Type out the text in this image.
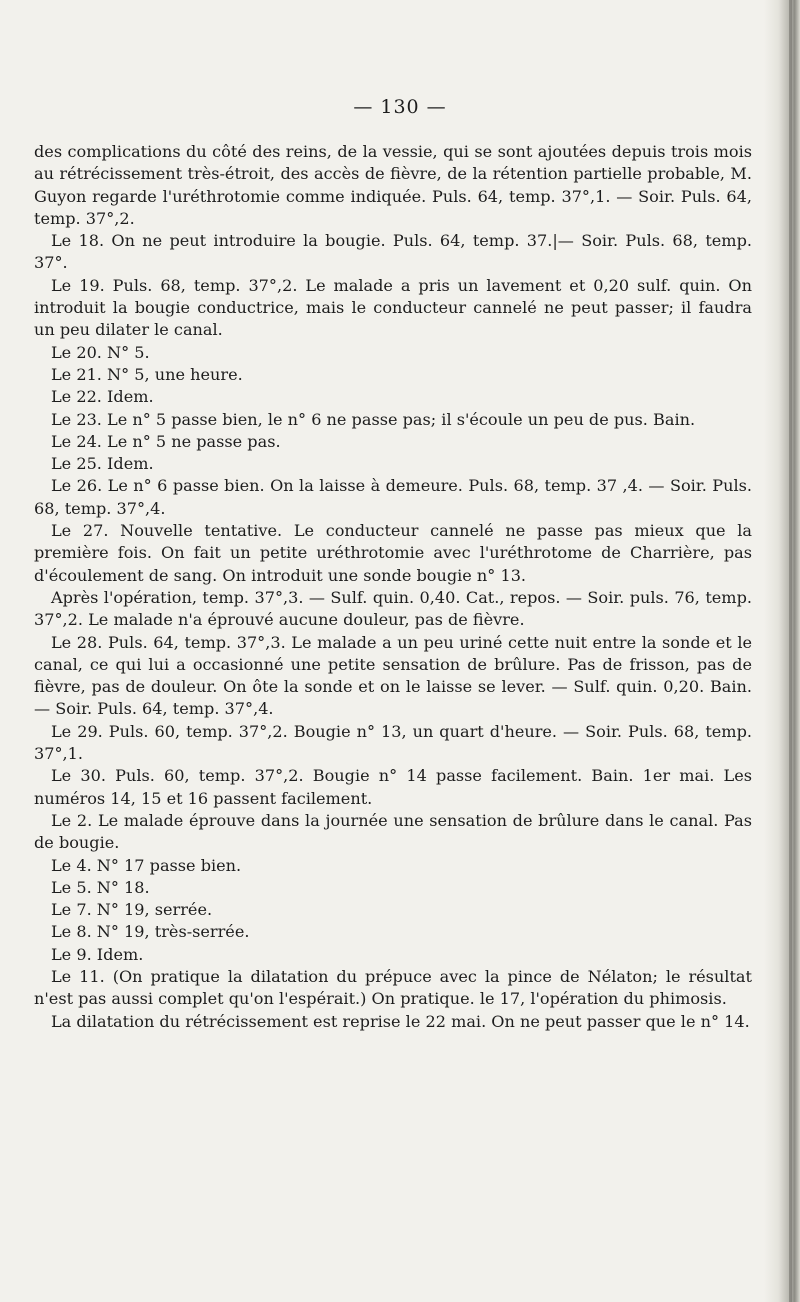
— 130 —

des complications du côté des reins, de la vessie, qui se sont ajoutées depuis trois mois au rétrécissement très-étroit, des accès de fièvre, de la rétention partielle probable, M. Guyon regarde l'uréthrotomie comme indiquée. Puls. 64, temp. 37°,1. — Soir. Puls. 64, temp. 37°,2.

Le 18. On ne peut introduire la bougie. Puls. 64, temp. 37.|— Soir. Puls. 68, temp. 37°.

Le 19. Puls. 68, temp. 37°,2. Le malade a pris un lavement et 0,20 sulf. quin. On introduit la bougie conductrice, mais le conducteur cannelé ne peut passer; il faudra un peu dilater le canal.

Le 20. N° 5.

Le 21. N° 5, une heure.

Le 22. Idem.

Le 23. Le n° 5 passe bien, le n° 6 ne passe pas; il s'écoule un peu de pus. Bain.

Le 24. Le n° 5 ne passe pas.

Le 25. Idem.

Le 26. Le n° 6 passe bien. On la laisse à demeure. Puls. 68, temp. 37 ,4. — Soir. Puls. 68, temp. 37°,4.

Le 27. Nouvelle tentative. Le conducteur cannelé ne passe pas mieux que la première fois. On fait un petite uréthrotomie avec l'uréthrotome de Charrière, pas d'écoulement de sang. On introduit une sonde bougie n° 13.

Après l'opération, temp. 37°,3. — Sulf. quin. 0,40. Cat., repos. — Soir. puls. 76, temp. 37°,2. Le malade n'a éprouvé aucune douleur, pas de fièvre.

Le 28. Puls. 64, temp. 37°,3. Le malade a un peu uriné cette nuit entre la sonde et le canal, ce qui lui a occasionné une petite sensation de brûlure. Pas de frisson, pas de fièvre, pas de douleur. On ôte la sonde et on le laisse se lever. — Sulf. quin. 0,20. Bain. — Soir. Puls. 64, temp. 37°,4.

Le 29. Puls. 60, temp. 37°,2. Bougie n° 13, un quart d'heure. — Soir. Puls. 68, temp. 37°,1.

Le 30. Puls. 60, temp. 37°,2. Bougie n° 14 passe facilement. Bain. 1er mai. Les numéros 14, 15 et 16 passent facilement.

Le 2. Le malade éprouve dans la journée une sensation de brûlure dans le canal. Pas de bougie.

Le 4. N° 17 passe bien.

Le 5. N° 18.

Le 7. N° 19, serrée.

Le 8. N° 19, très-serrée.

Le 9. Idem.

Le 11. (On pratique la dilatation du prépuce avec la pince de Nélaton; le résultat n'est pas aussi complet qu'on l'espérait.) On pratique. le 17, l'opération du phimosis.

La dilatation du rétrécissement est reprise le 22 mai. On ne peut passer que le n° 14.
